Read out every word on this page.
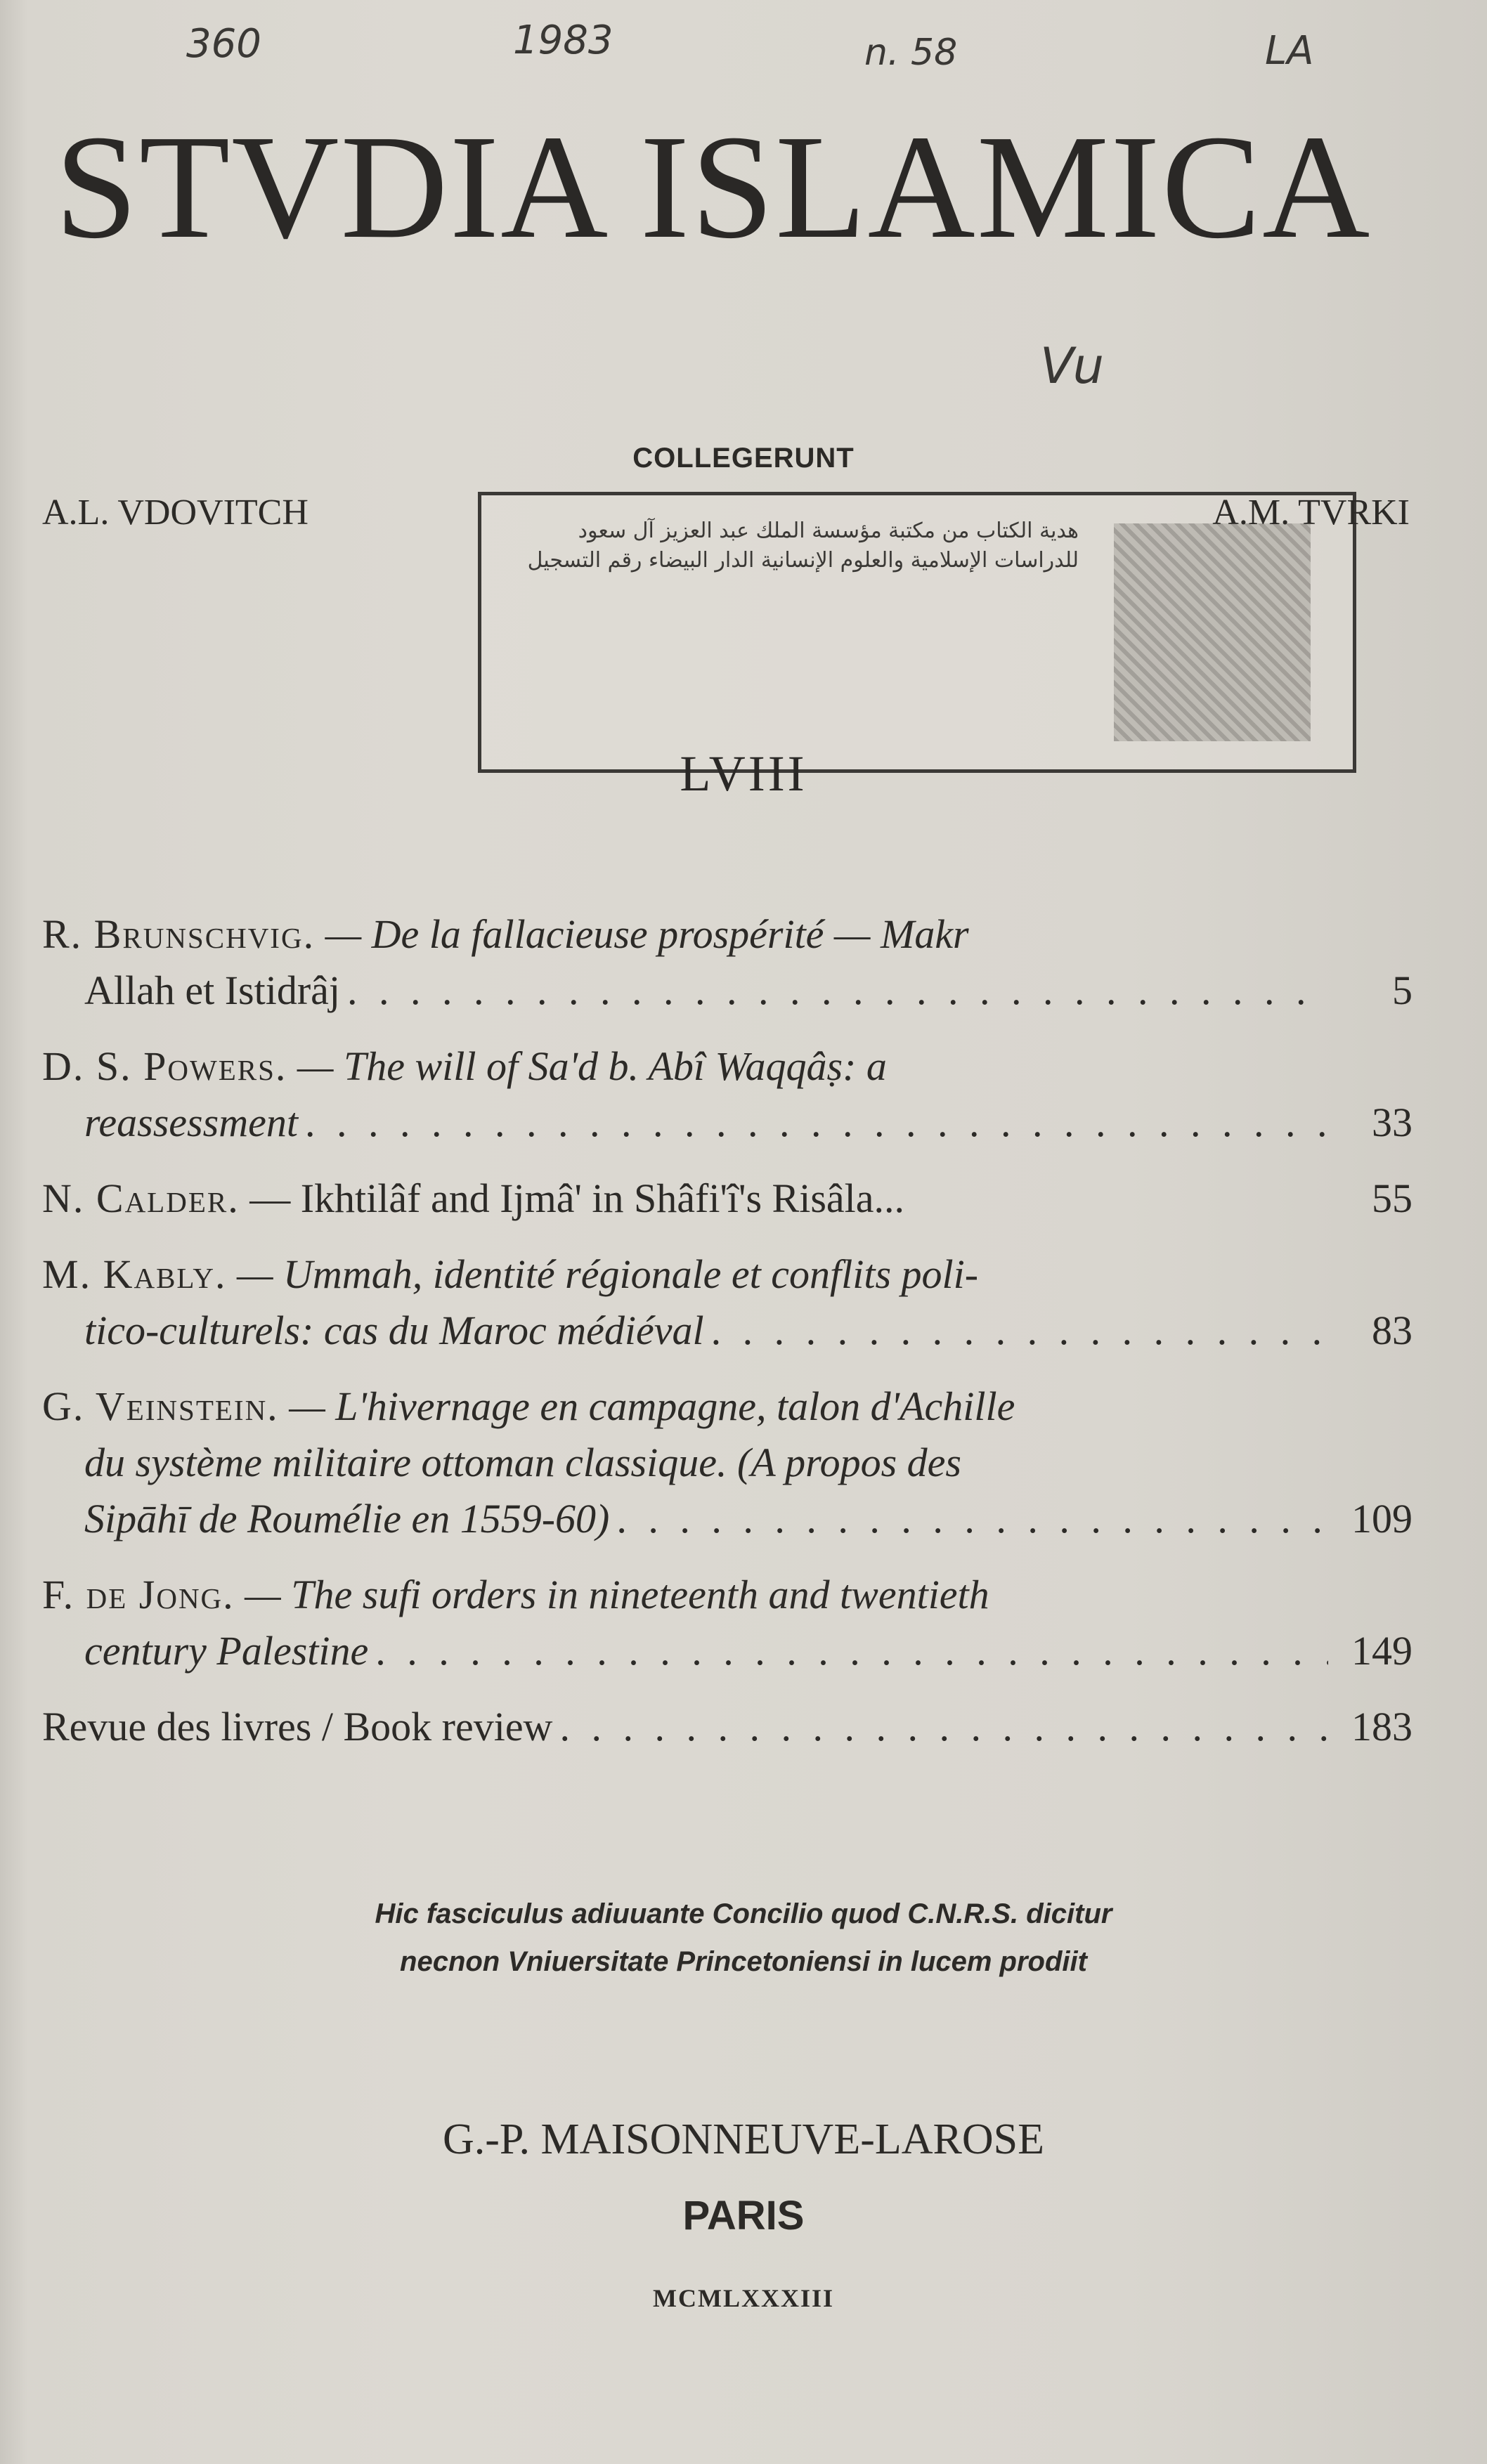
360	1983	n. 58	LA
STVDIA ISLAMICA
Vu
COLLEGERUNT
A.L. VDOVITCH	هدية الكتاب من مكتبة مؤسسة الملك عبد العزيز آل سعود للدراسات الإسلامية والعلوم الإنسانية الدار البيضاء رقم التسجيل
A.M. TVRKI
LVIII
R. Brunschvig.
— De la fallacieuse prospérité — Makr
Allah et Istidrâj . . .	5
D. S. Powers.
— The will of Sa'd b. Abî Waqqâṣ: a
reassessment . . .	33
N. Calder.
— Ikhtilâf and Ijmâ' in Shâfi'î's Risâla...	55
M. Kably.
— Ummah, identité régionale et conflits poli-
tico-culturels: cas du Maroc médiéval . . .	83
G. Veinstein.
— L'hivernage en campagne, talon d'Achille
du système militaire ottoman classique. (A propos des
Sipāhī de Roumélie en 1559-60) . . .	109
F. de Jong.
— The sufi orders in nineteenth and twentieth
century Palestine . . .	149
Revue des livres / Book review . . .	183
Hic fasciculus adiuuante Concilio quod C.N.R.S. dicitur
necnon Vniuersitate Princetoniensi in lucem prodiit
G.-P. MAISONNEUVE-LAROSE
PARIS
MCMLXXXIII
